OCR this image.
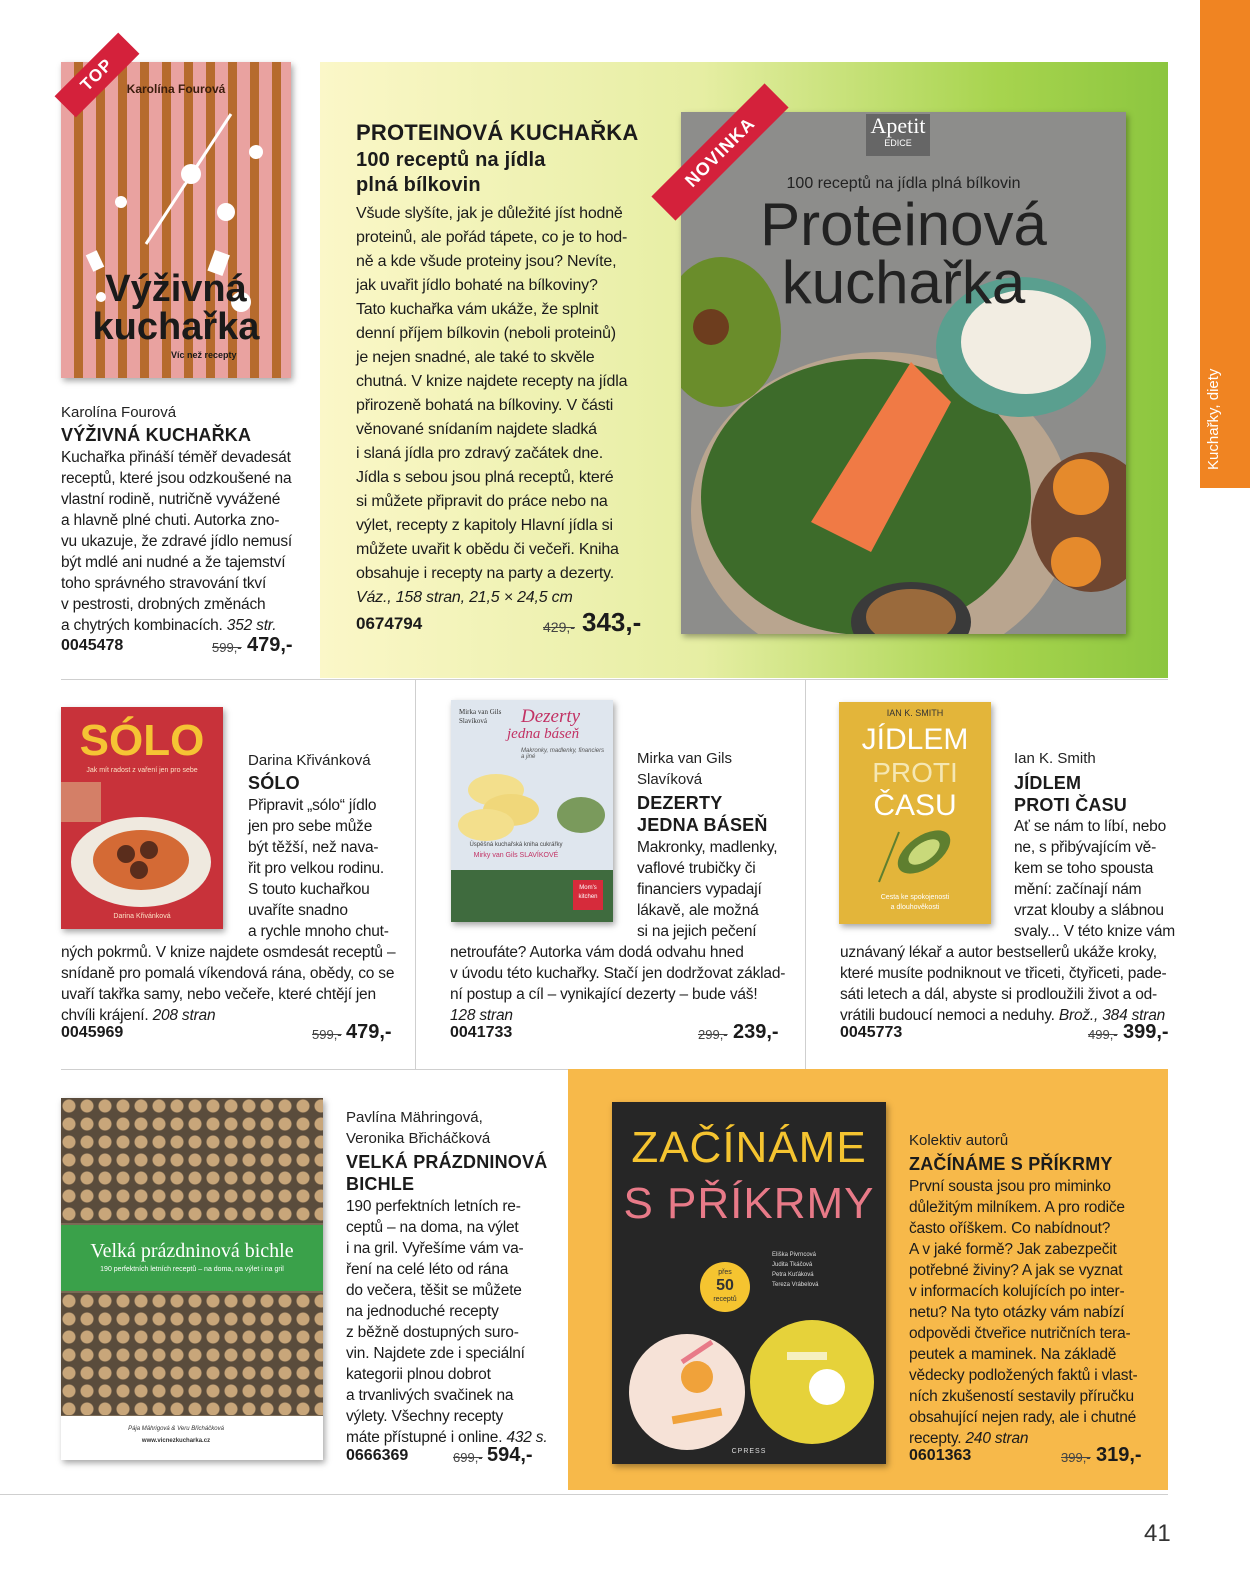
Kuchařky, diety
Karolína Fourová
Výživná
kuchařka
Víc než recepty
TOP
Karolína Fourová
VÝŽIVNÁ KUCHAŘKA
Kuchařka přináší téměř devadesát
receptů, které jsou odzkoušené na
vlastní rodině, nutričně vyvážené
a hlavně plné chuti. Autorka zno-
vu ukazuje, že zdravé jídlo nemusí
být mdlé ani nudné a že tajemství
toho správného stravování tkví
v pestrosti, drobných změnách
a chytrých kombinacích. 352 str.
0045478	599,- 479,-
PROTEINOVÁ KUCHAŘKA
100 receptů na jídla
plná bílkovin
Všude slyšíte, jak je důležité jíst hodně
proteinů, ale pořád tápete, co je to hod-
ně a kde všude proteiny jsou? Nevíte,
jak uvařit jídlo bohaté na bílkoviny?
Tato kuchařka vám ukáže, že splnit
denní příjem bílkovin (neboli proteinů)
je nejen snadné, ale také to skvěle
chutná. V knize najdete recepty na jídla
přirozeně bohatá na bílkoviny. V části
věnované snídaním najdete sladká
i slaná jídla pro zdravý začátek dne.
Jídla s sebou jsou plná receptů, které
si můžete připravit do práce nebo na
výlet, recepty z kapitoly Hlavní jídla si
můžete uvařit k obědu či večeři. Kniha
obsahuje i recepty na party a dezerty.
Váz., 158 stran, 21,5 × 24,5 cm
0674794	429,- 343,-
Apetit
EDICE
100 receptů na jídla plná bílkovin
Proteinová
kuchařka
NOVINKA
SÓLO
Jak mít radost z vaření jen pro sebe
Darina Křivánková
Darina Křivánková
SÓLO
Připravit „sólo“ jídlo
jen pro sebe může
být těžší, než nava-
řit pro velkou rodinu.
S touto kuchařkou
uvaříte snadno
a rychle mnoho chut-
ných pokrmů. V knize najdete osmdesát receptů –
snídaně pro pomalá víkendová rána, obědy, co se
uvaří takřka samy, nebo večeře, které chtějí jen
chvíli krájení. 208 stran
0045969	599,- 479,-
Mirka van Gils Slavíková	Dezerty
jedna báseň
Makronky, madlenky, financiers a jiné
Úspěšná kuchařská kniha cukrářky
Mirky van Gils SLAVÍKOVÉ
Mom's kitchen
Mirka van Gils
Slavíková
DEZERTY
JEDNA BÁSEŇ
Makronky, madlenky,
vaflové trubičky či
financiers vypadají
lákavě, ale možná
si na jejich pečení
netroufáte? Autorka vám dodá odvahu hned
v úvodu této kuchařky. Stačí jen dodržovat základ-
ní postup a cíl – vynikající dezerty – bude váš!
128 stran
0041733	299,- 239,-
IAN K. SMITH
JÍDLEM
PROTI
ČASU
Cesta ke spokojenosti
a dlouhověkosti
Ian K. Smith
JÍDLEM
PROTI ČASU
Ať se nám to líbí, nebo
ne, s přibývajícím vě-
kem se toho spousta
mění: začínají nám
vrzat klouby a slábnou
svaly... V této knize vám
uznávaný lékař a autor bestsellerů ukáže kroky,
které musíte podniknout ve třiceti, čtyřiceti, pade-
sáti letech a dál, abyste si prodloužili život a od-
vrátili budoucí nemoci a neduhy. Brož., 384 stran
0045773	499,- 399,-
Velká prázdninová bichle
190 perfektních letních receptů – na doma, na výlet i na gril
Pája Mährigová & Veru Břicháčková
www.vicnezkucharka.cz
Pavlína Mähringová,
Veronika Břicháčková
VELKÁ PRÁZDNINOVÁ
BICHLE
190 perfektních letních re-
ceptů – na doma, na výlet
i na gril. Vyřešíme vám va-
ření na celé léto od rána
do večera, těšit se můžete
na jednoduché recepty
z běžně dostupných suro-
vin. Najdete zde i speciální
kategorii plnou dobrot
a trvanlivých svačinek na
výlety. Všechny recepty
máte přístupné i online. 432 s.
0666369	699,- 594,-
ZAČÍNÁME
S PŘÍKRMY
Eliška Pivrncová
Judita Tkáčová
Petra Kuťáková
Tereza Vrábelová
přes
50
receptů
CPRESS
Kolektiv autorů
ZAČÍNÁME S PŘÍKRMY
První sousta jsou pro miminko
důležitým milníkem. A pro rodiče
často oříškem. Co nabídnout?
A v jaké formě? Jak zabezpečit
potřebné živiny? A jak se vyznat
v informacích kolujících po inter-
netu? Na tyto otázky vám nabízí
odpovědi čtveřice nutričních tera-
peutek a maminek. Na základě
vědecky podložených faktů i vlast-
ních zkušeností sestavily příručku
obsahující nejen rady, ale i chutné
recepty. 240 stran
0601363	399,- 319,-
41
